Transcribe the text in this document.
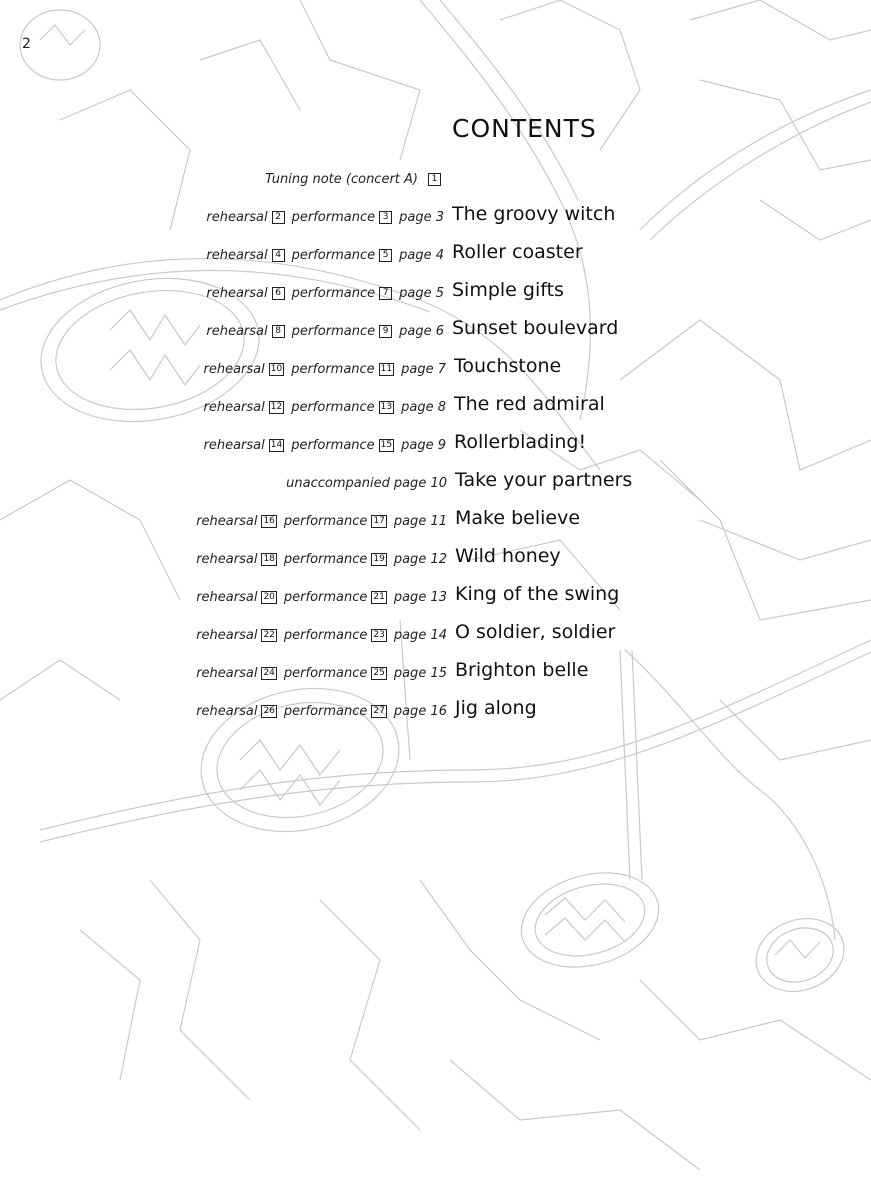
2
CONTENTS
Tuning note (concert A)	1
rehearsal 2 performance 3 page 3 The groovy witch
rehearsal 4 performance 5 page 4 Roller coaster
rehearsal 6 performance 7 page 5 Simple gifts
rehearsal 8 performance 9 page 6 Sunset boulevard
rehearsal 10 performance 11 page 7 Touchstone
rehearsal 12 performance 13 page 8 The red admiral
rehearsal 14 performance 15 page 9 Rollerblading!
unaccompanied page 10 Take your partners
rehearsal 16 performance 17 page 11 Make believe
rehearsal 18 performance 19 page 12 Wild honey
rehearsal 20 performance 21 page 13 King of the swing
rehearsal 22 performance 23 page 14 O soldier, soldier
rehearsal 24 performance 25 page 15 Brighton belle
rehearsal 26 performance 27 page 16 Jig along
